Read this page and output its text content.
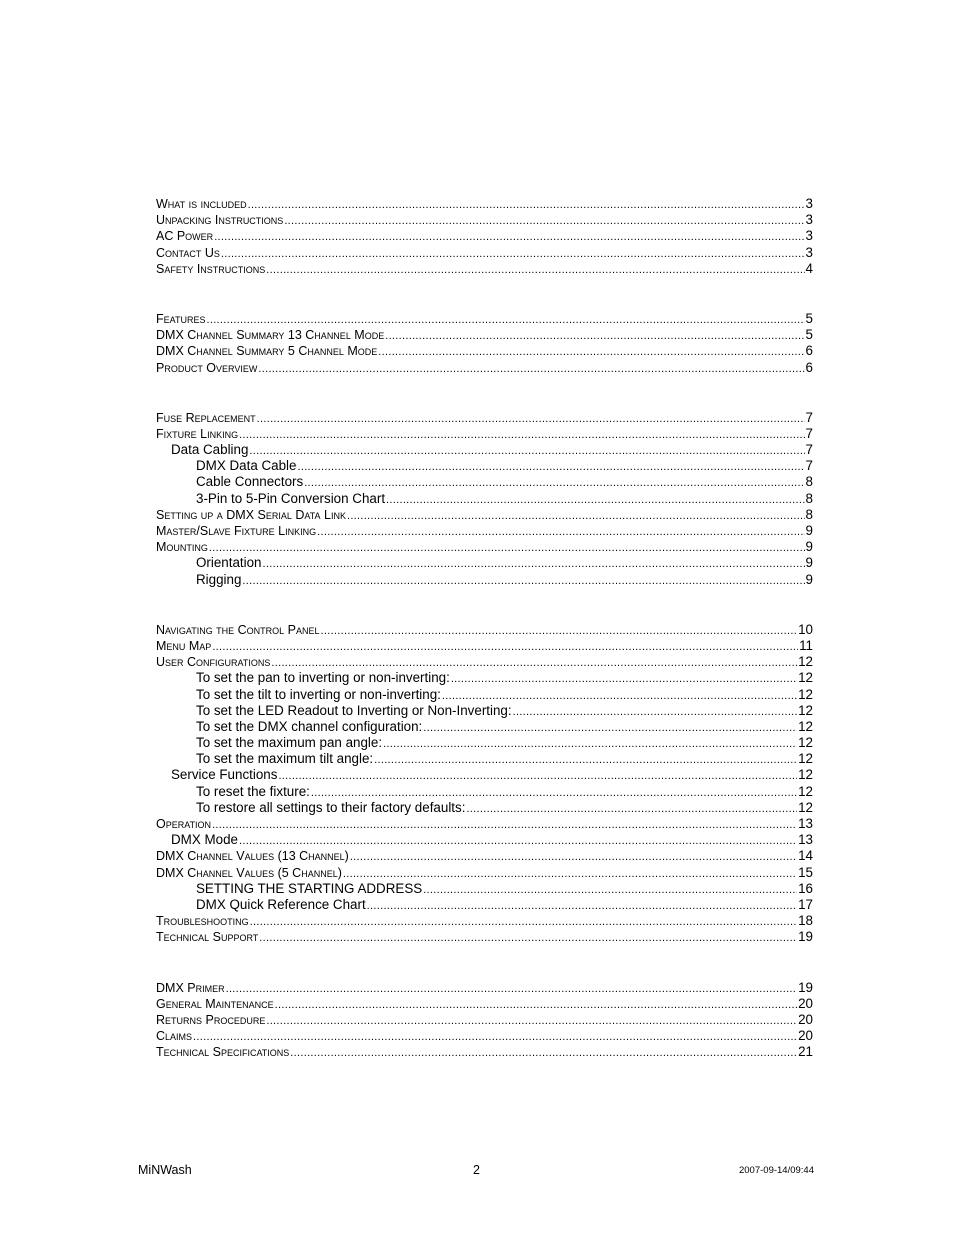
What is included .....	3
Unpacking Instructions .....	3
AC Power .....	3
Contact Us .....	3
Safety Instructions .....	4
Features .....	5
DMX Channel Summary 13 Channel Mode .....	5
DMX Channel Summary 5 Channel Mode .....	6
Product Overview .....	6
Fuse Replacement .....	7
Fixture Linking .....	7
Data Cabling .....	7
DMX Data Cable .....	7
Cable Connectors .....	8
3-Pin to 5-Pin Conversion Chart .....	8
Setting up a DMX Serial Data Link .....	8
Master/Slave Fixture Linking .....	9
Mounting .....	9
Orientation .....	9
Rigging .....	9
Navigating the Control Panel .....	10
Menu Map .....	11
User Configurations .....	12
To set the pan to inverting or non-inverting: .....	12
To set the tilt to inverting or non-inverting: .....	12
To set the LED Readout to Inverting or Non-Inverting: .....	12
To set the DMX channel configuration: .....	12
To set the maximum pan angle: .....	12
To set the maximum tilt angle: .....	12
Service Functions .....	12
To reset the fixture: .....	12
To restore all settings to their factory defaults: .....	12
Operation .....	13
DMX Mode .....	13
DMX Channel Values (13 Channel) .....	14
DMX Channel Values (5 Channel) .....	15
SETTING THE STARTING ADDRESS .....	16
DMX Quick Reference Chart .....	17
Troubleshooting .....	18
Technical Support .....	19
DMX Primer .....	19
General Maintenance .....	20
Returns Procedure .....	20
Claims .....	20
Technical Specifications .....	21
MiNWash	2	2007-09-14/09:44
